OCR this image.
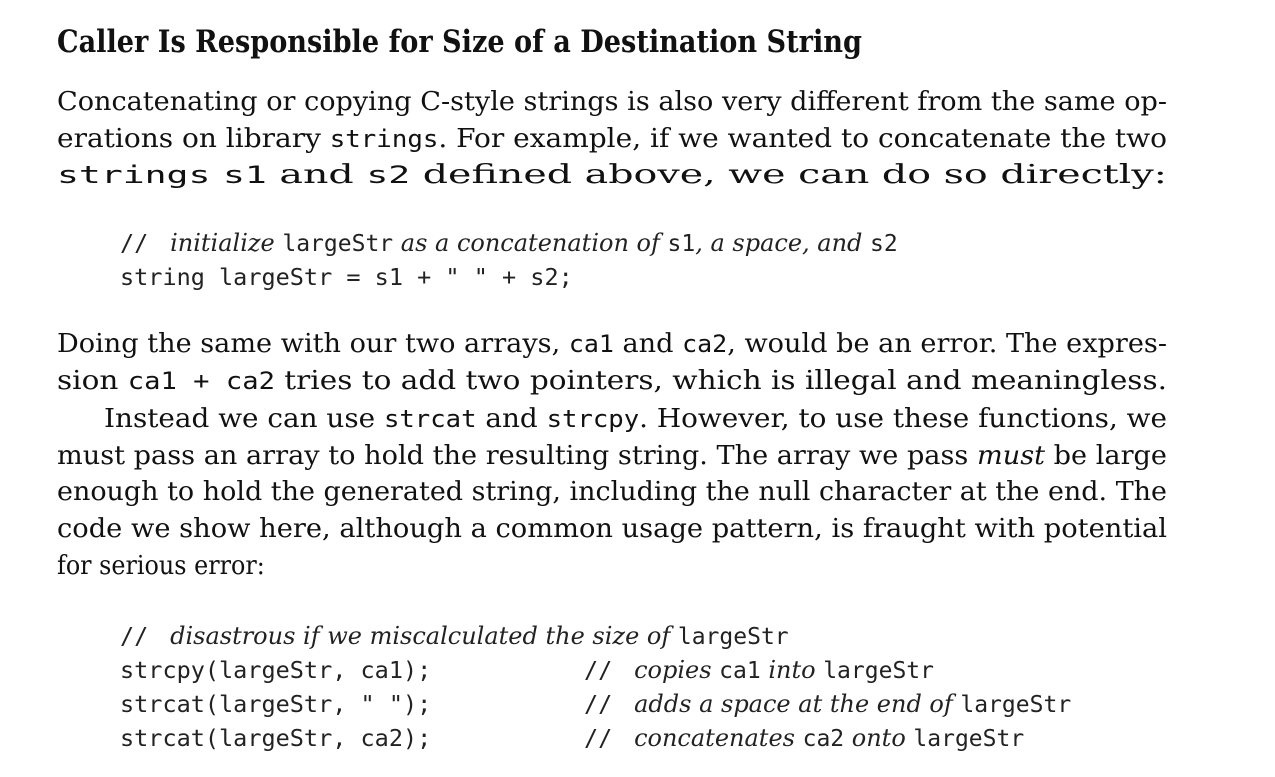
Caller Is Responsible for Size of a Destination String
Concatenating or copying C-style strings is also very different from the same op-
erations on library strings. For example, if we wanted to concatenate the two
strings s1 and s2 defined above, we can do so directly:
//  initialize largeStr as a concatenation of s1, a space, and s2
string largeStr = s1 + " " + s2;
Doing the same with our two arrays, ca1 and ca2, would be an error. The expres-
sion ca1 + ca2 tries to add two pointers, which is illegal and meaningless.
Instead we can use strcat and strcpy. However, to use these functions, we
must pass an array to hold the resulting string. The array we pass must be large
enough to hold the generated string, including the null character at the end. The
code we show here, although a common usage pattern, is fraught with potential
for serious error:
//  disastrous if we miscalculated the size of largeStr
strcpy(largeStr, ca1);	//  copies ca1 into largeStr
strcat(largeStr, " ");	//  adds a space at the end of largeStr
strcat(largeStr, ca2);	//  concatenates ca2 onto largeStr
